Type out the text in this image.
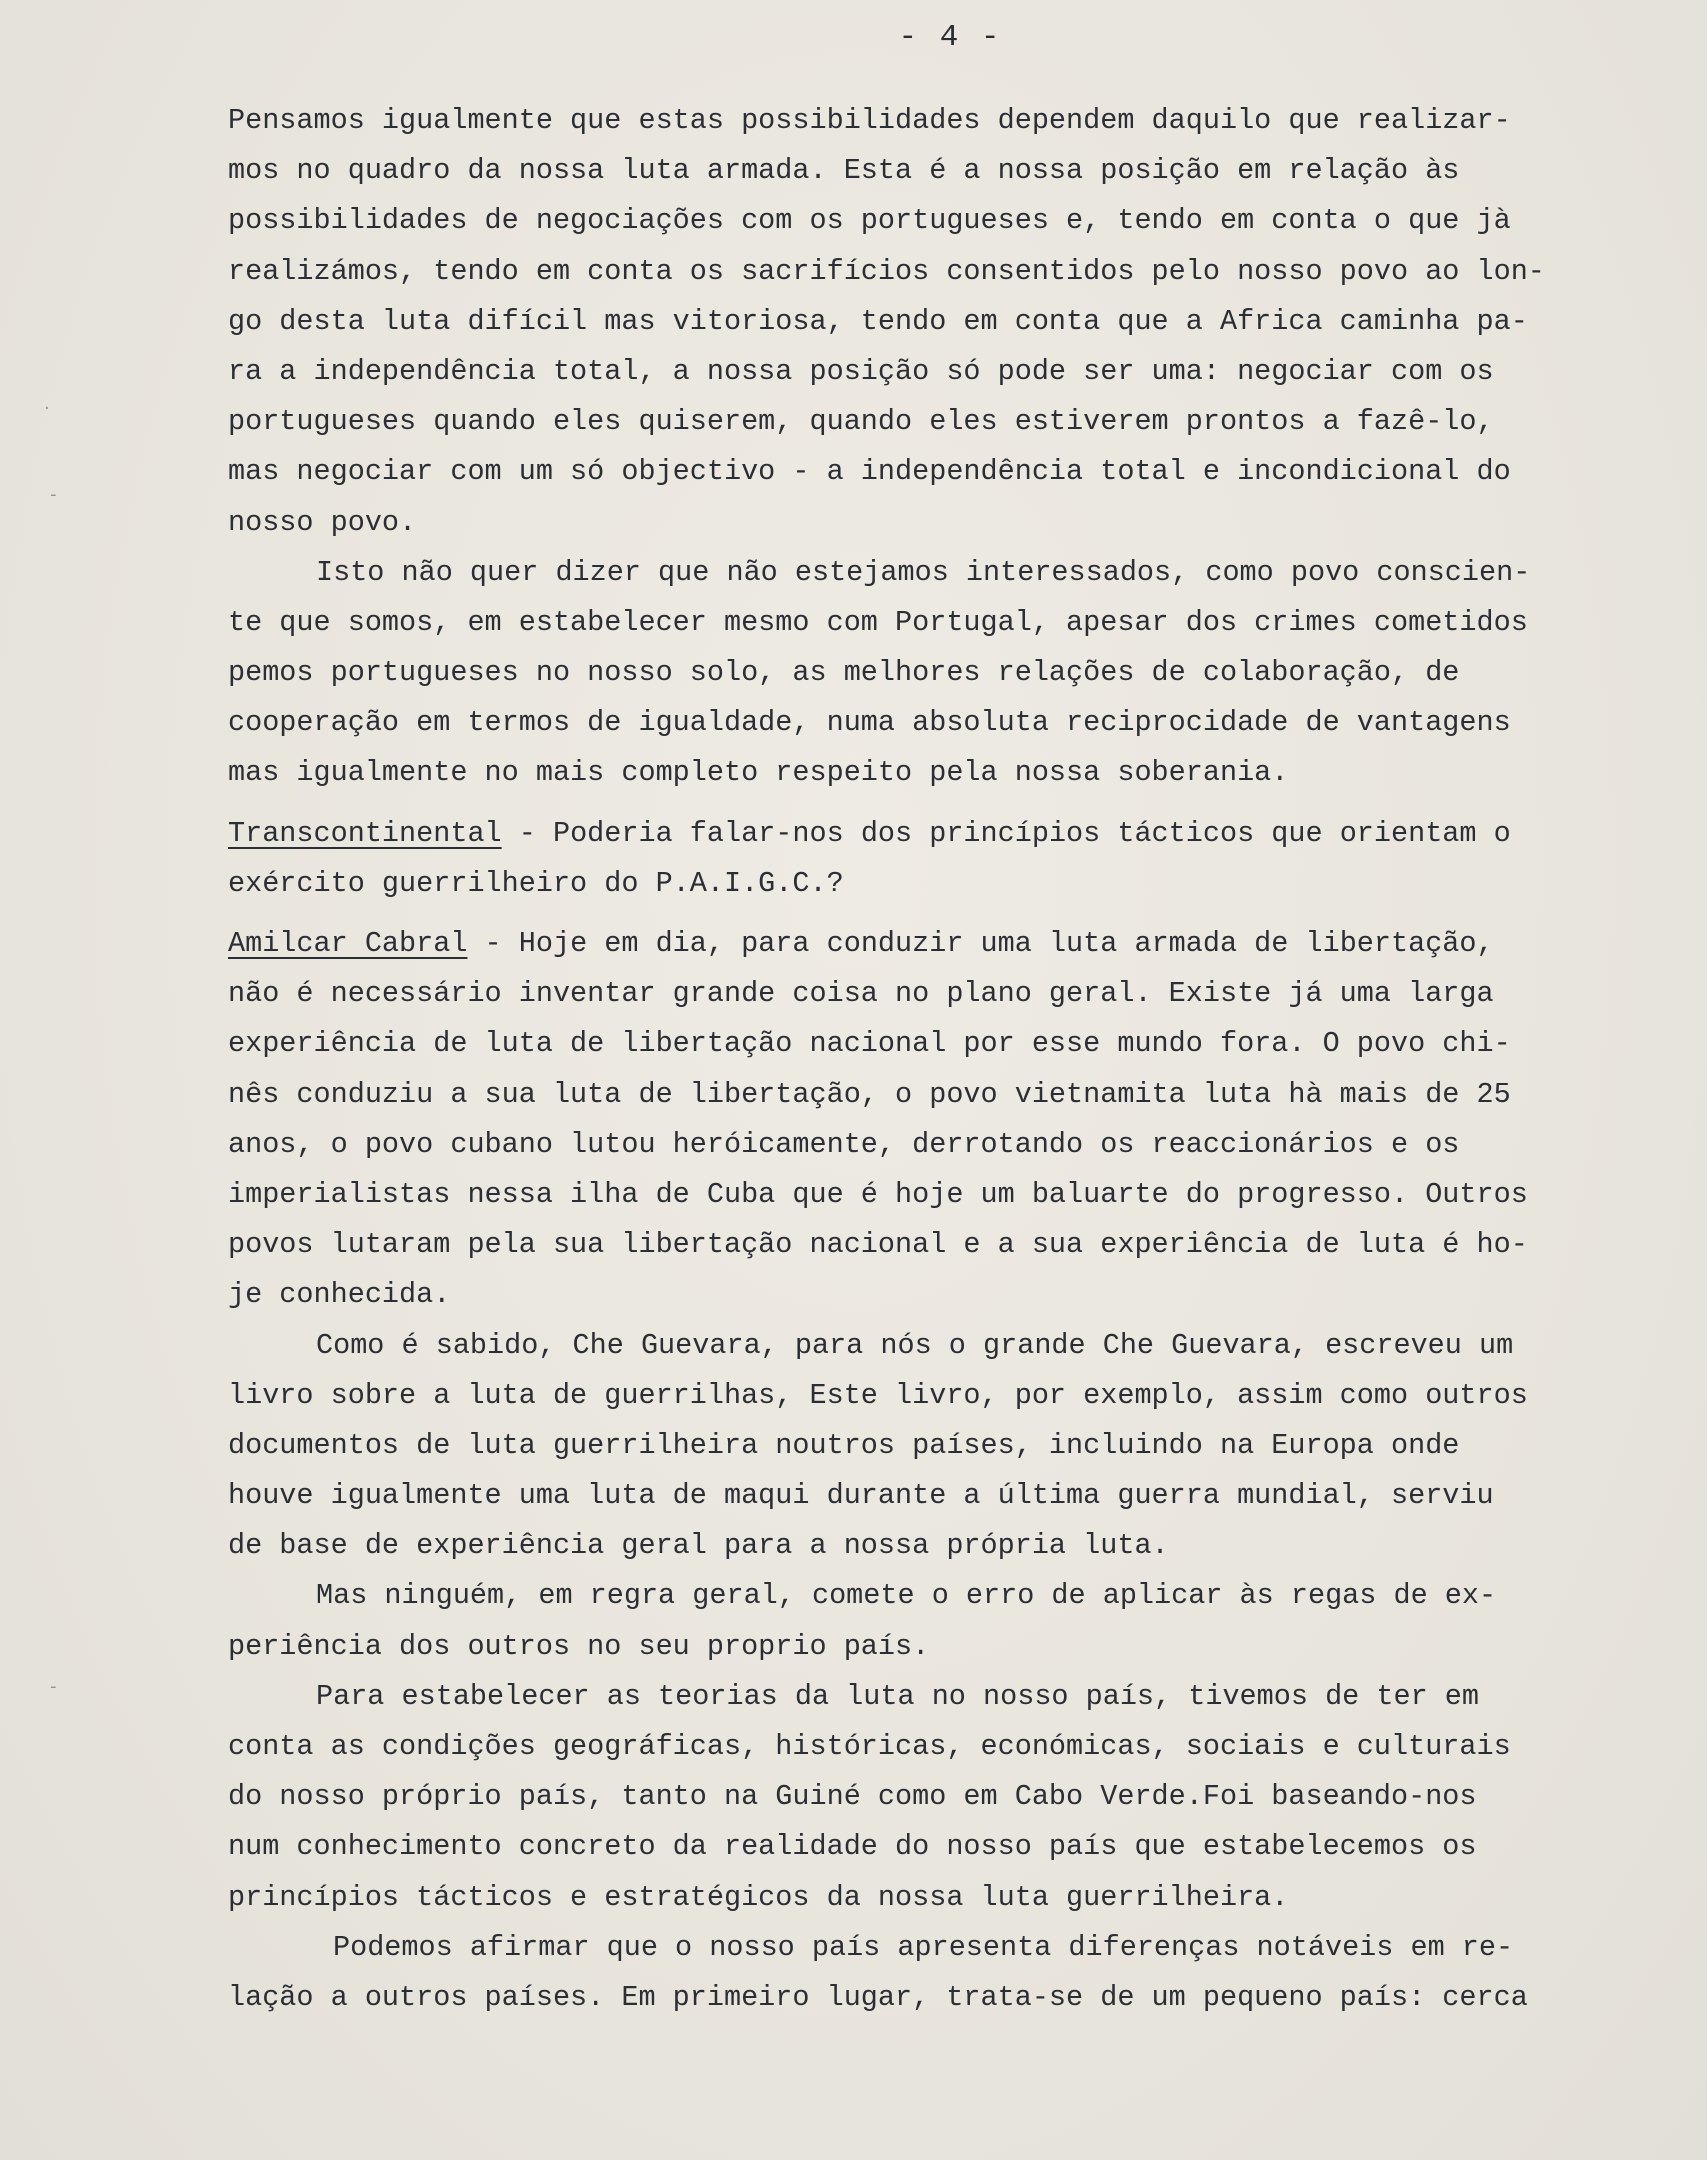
- 4 -

Pensamos igualmente que estas possibilidades dependem daquilo que realizar-
mos no quadro da nossa luta armada. Esta é a nossa posição em relação às
possibilidades de negociações com os portugueses e, tendo em conta o que jà
realizámos, tendo em conta os sacrifícios consentidos pelo nosso povo ao lon-
go desta luta difícil mas vitoriosa, tendo em conta que a Africa caminha pa-
ra a independência total, a nossa posição só pode ser uma: negociar com os
portugueses quando eles quiserem, quando eles estiverem prontos a fazê-lo,
mas negociar com um só objectivo - a independência total e incondicional do
nosso povo.

Isto não quer dizer que não estejamos interessados, como povo conscien-
te que somos, em estabelecer mesmo com Portugal, apesar dos crimes cometidos
pemos portugueses no nosso solo, as melhores relações de colaboração, de
cooperação em termos de igualdade, numa absoluta reciprocidade de vantagens
mas igualmente no mais completo respeito pela nossa soberania.

Transcontinental - Poderia falar-nos dos princípios tácticos que orientam o
exército guerrilheiro do P.A.I.G.C.?

Amilcar Cabral - Hoje em dia, para conduzir uma luta armada de libertação,
não é necessário inventar grande coisa no plano geral. Existe já uma larga
experiência de luta de libertação nacional por esse mundo fora. O povo chi-
nês conduziu a sua luta de libertação, o povo vietnamita luta hà mais de 25
anos, o povo cubano lutou heróicamente, derrotando os reaccionários e os
imperialistas nessa ilha de Cuba que é hoje um baluarte do progresso. Outros
povos lutaram pela sua libertação nacional e a sua experiência de luta é ho-
je conhecida.

Como é sabido, Che Guevara, para nós o grande Che Guevara, escreveu um
livro sobre a luta de guerrilhas, Este livro, por exemplo, assim como outros
documentos de luta guerrilheira noutros países, incluindo na Europa onde
houve igualmente uma luta de maqui durante a última guerra mundial, serviu
de base de experiência geral para a nossa própria luta.

Mas ninguém, em regra geral, comete o erro de aplicar às regas de ex-
periência dos outros no seu proprio país.

Para estabelecer as teorias da luta no nosso país, tivemos de ter em
conta as condições geográficas, históricas, económicas, sociais e culturais
do nosso próprio país, tanto na Guiné como em Cabo Verde.Foi baseando-nos
num conhecimento concreto da realidade do nosso país que estabelecemos os
princípios tácticos e estratégicos da nossa luta guerrilheira.

Podemos afirmar que o nosso país apresenta diferenças notáveis em re-
lação a outros países. Em primeiro lugar, trata-se de um pequeno país: cerca

·
-
-
